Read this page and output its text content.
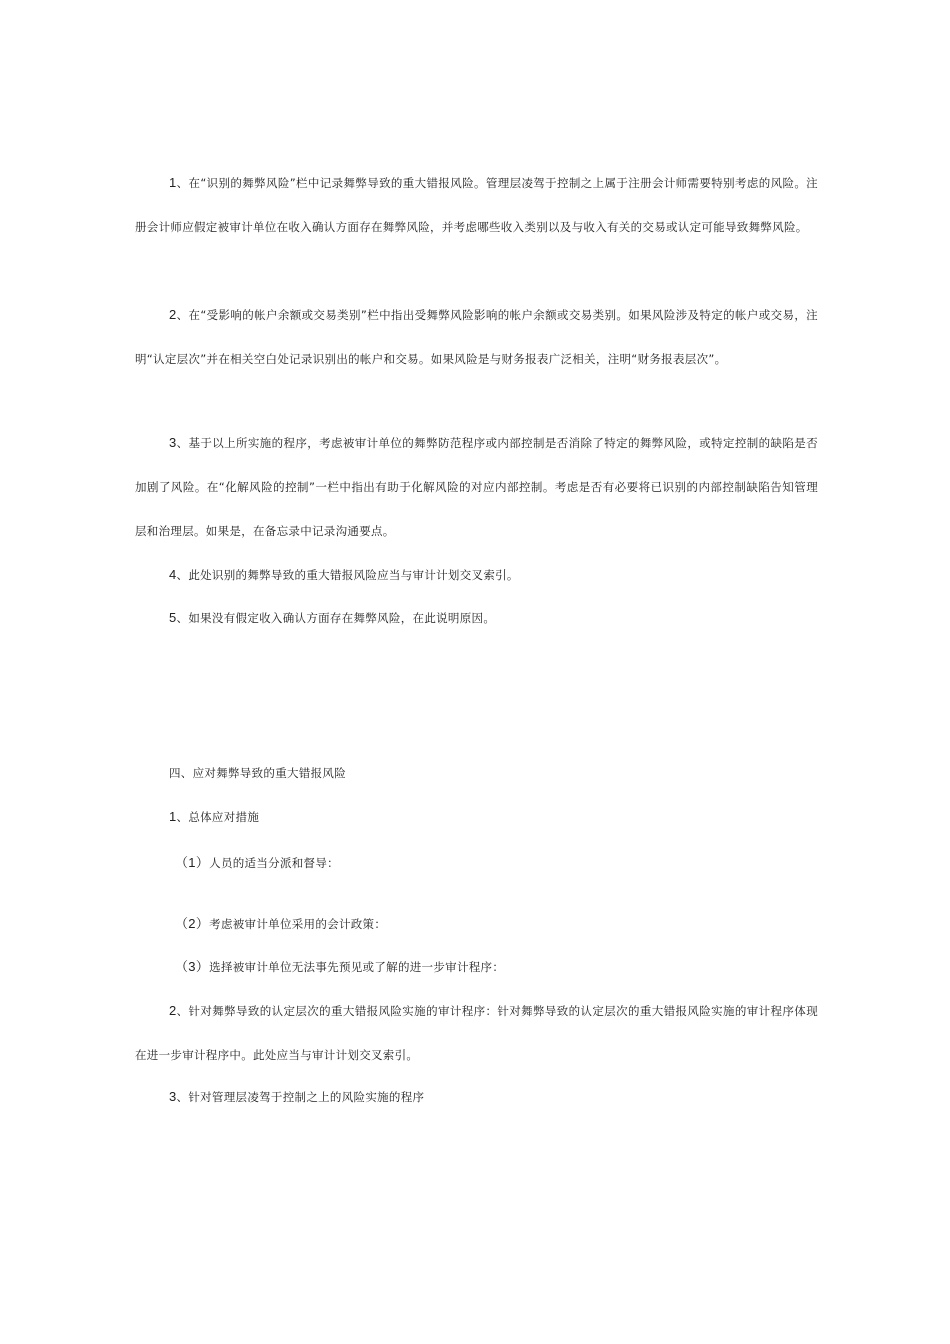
1、在“识别的舞弊风险”栏中记录舞弊导致的重大错报风险。管理层凌驾于控制之上属于注册会计师需要特别考虑的风险。注册会计师应假定被审计单位在收入确认方面存在舞弊风险，并考虑哪些收入类别以及与收入有关的交易或认定可能导致舞弊风险。

2、在“受影响的帐户余额或交易类别”栏中指出受舞弊风险影响的帐户余额或交易类别。如果风险涉及特定的帐户或交易，注明“认定层次”并在相关空白处记录识别出的帐户和交易。如果风险是与财务报表广泛相关，注明“财务报表层次”。

3、基于以上所实施的程序，考虑被审计单位的舞弊防范程序或内部控制是否消除了特定的舞弊风险，或特定控制的缺陷是否加剧了风险。在“化解风险的控制”一栏中指出有助于化解风险的对应内部控制。考虑是否有必要将已识别的内部控制缺陷告知管理层和治理层。如果是，在备忘录中记录沟通要点。

4、此处识别的舞弊导致的重大错报风险应当与审计计划交叉索引。

5、如果没有假定收入确认方面存在舞弊风险，在此说明原因。

四、应对舞弊导致的重大错报风险

1、总体应对措施

（1）人员的适当分派和督导：

（2）考虑被审计单位采用的会计政策：

（3）选择被审计单位无法事先预见或了解的进一步审计程序：

2、针对舞弊导致的认定层次的重大错报风险实施的审计程序：针对舞弊导致的认定层次的重大错报风险实施的审计程序体现在进一步审计程序中。此处应当与审计计划交叉索引。

3、针对管理层凌驾于控制之上的风险实施的程序
